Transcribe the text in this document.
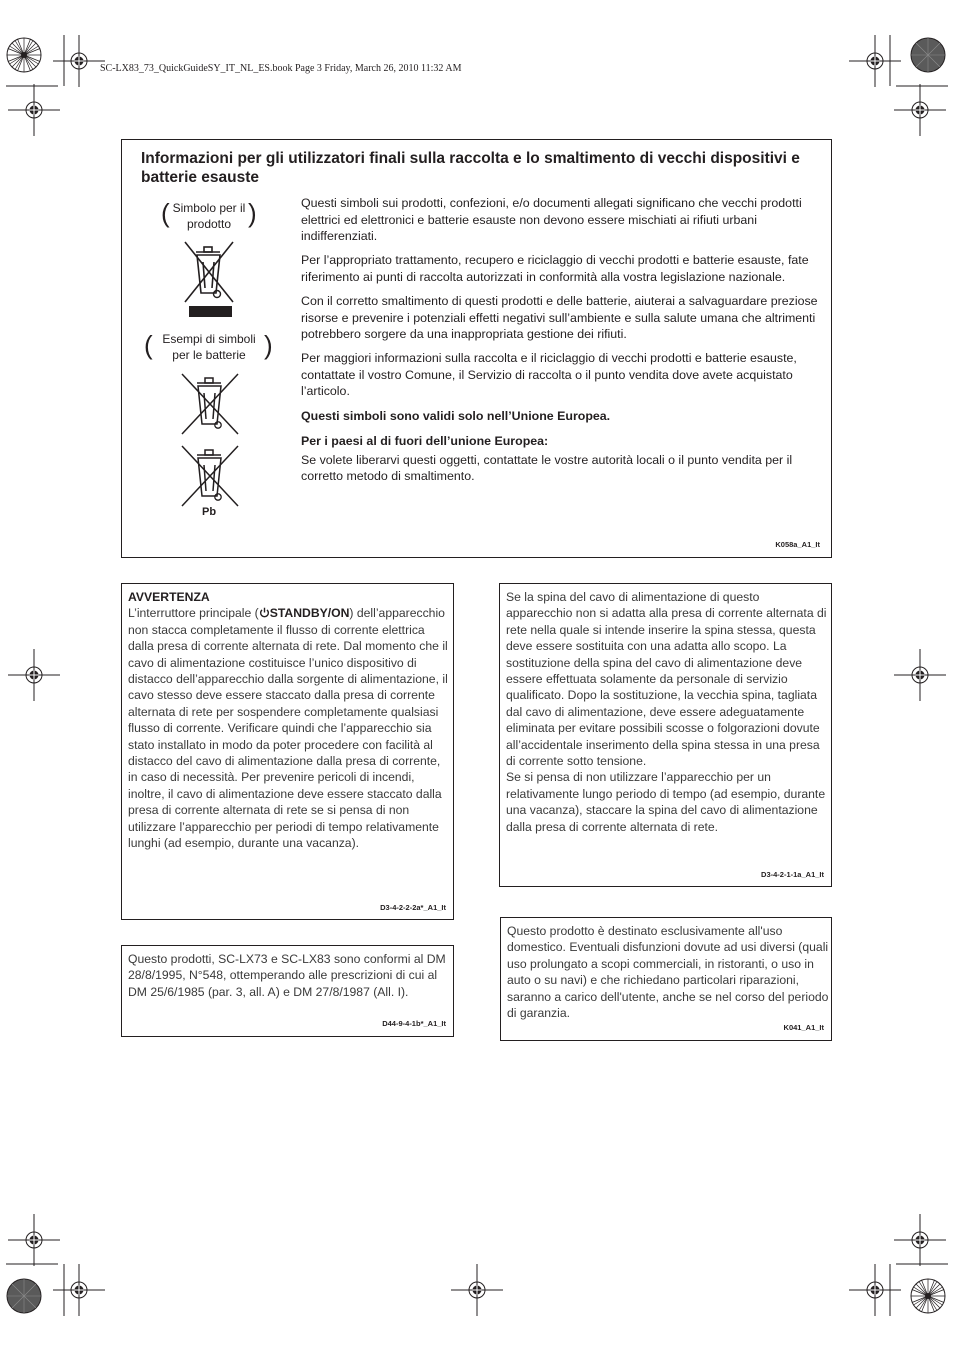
SC-LX83_73_QuickGuideSY_IT_NL_ES.book Page 3 Friday, March 26, 2010 11:32 AM
Informazioni per gli utilizzatori finali sulla raccolta e lo smaltimento di vecchi dispositivi e batterie esauste
( Simbolo per il prodotto )
( Esempi di simboli per le batterie )
Pb

Questi simboli sui prodotti, confezioni, e/o documenti allegati significano che vecchi prodotti elettrici ed elettronici e batterie esauste non devono essere mischiati ai rifiuti urbani indifferenziati.

Per l’appropriato trattamento, recupero e riciclaggio di vecchi prodotti e batterie esauste, fate riferimento ai punti di raccolta autorizzati in conformità alla vostra legislazione nazionale.

Con il corretto smaltimento di questi prodotti e delle batterie, aiuterai a salvaguardare preziose risorse e prevenire i potenziali effetti negativi sull’ambiente e sulla salute umana che altrimenti potrebbero sorgere da una inappropriata gestione dei rifiuti.

Per maggiori informazioni sulla raccolta e il riciclaggio di vecchi prodotti e batterie esauste, contattate il vostro Comune, il Servizio di raccolta o il punto vendita dove avete acquistato l’articolo.

Questi simboli sono validi solo nell’Unione Europea.

Per i paesi al di fuori dell’unione Europea:

Se volete liberarvi questi oggetti, contattate le vostre autorità locali o il punto vendita per il corretto metodo di smaltimento.

K058a_A1_It
AVVERTENZA
L’interruttore principale ( STANDBY/ON) dell’apparecchio non stacca completamente il flusso di corrente elettrica dalla presa di corrente alternata di rete. Dal momento che il cavo di alimentazione costituisce l’unico dispositivo di distacco dell’apparecchio dalla sorgente di alimentazione, il cavo stesso deve essere staccato dalla presa di corrente alternata di rete per sospendere completamente qualsiasi flusso di corrente. Verificare quindi che l’apparecchio sia stato installato in modo da poter procedere con facilità al distacco del cavo di alimentazione dalla presa di corrente, in caso di necessità. Per prevenire pericoli di incendi, inoltre, il cavo di alimentazione deve essere staccato dalla presa di corrente alternata di rete se si pensa di non utilizzare l’apparecchio per periodi di tempo relativamente lunghi (ad esempio, durante una vacanza).
D3-4-2-2-2a*_A1_It
Se la spina del cavo di alimentazione di questo apparecchio non si adatta alla presa di corrente alternata di rete nella quale si intende inserire la spina stessa, questa deve essere sostituita con una adatta allo scopo. La sostituzione della spina del cavo di alimentazione deve essere effettuata solamente da personale di servizio qualificato. Dopo la sostituzione, la vecchia spina, tagliata dal cavo di alimentazione, deve essere adeguatamente eliminata per evitare possibili scosse o folgorazioni dovute all’accidentale inserimento della spina stessa in una presa di corrente sotto tensione.
Se si pensa di non utilizzare l’apparecchio per un relativamente lungo periodo di tempo (ad esempio, durante una vacanza), staccare la spina del cavo di alimentazione dalla presa di corrente alternata di rete.
D3-4-2-1-1a_A1_It
Questo prodotti, SC-LX73 e SC-LX83 sono conformi al DM 28/8/1995, N°548, ottemperando alle prescrizioni di cui al DM 25/6/1985 (par. 3, all. A) e DM 27/8/1987 (All. I).
D44-9-4-1b*_A1_It
Questo prodotto è destinato esclusivamente all'uso domestico. Eventuali disfunzioni dovute ad usi diversi (quali uso prolungato a scopi commerciali, in ristoranti, o uso in auto o su navi) e che richiedano particolari riparazioni, saranno a carico dell'utente, anche se nel corso del periodo di garanzia.
K041_A1_It
